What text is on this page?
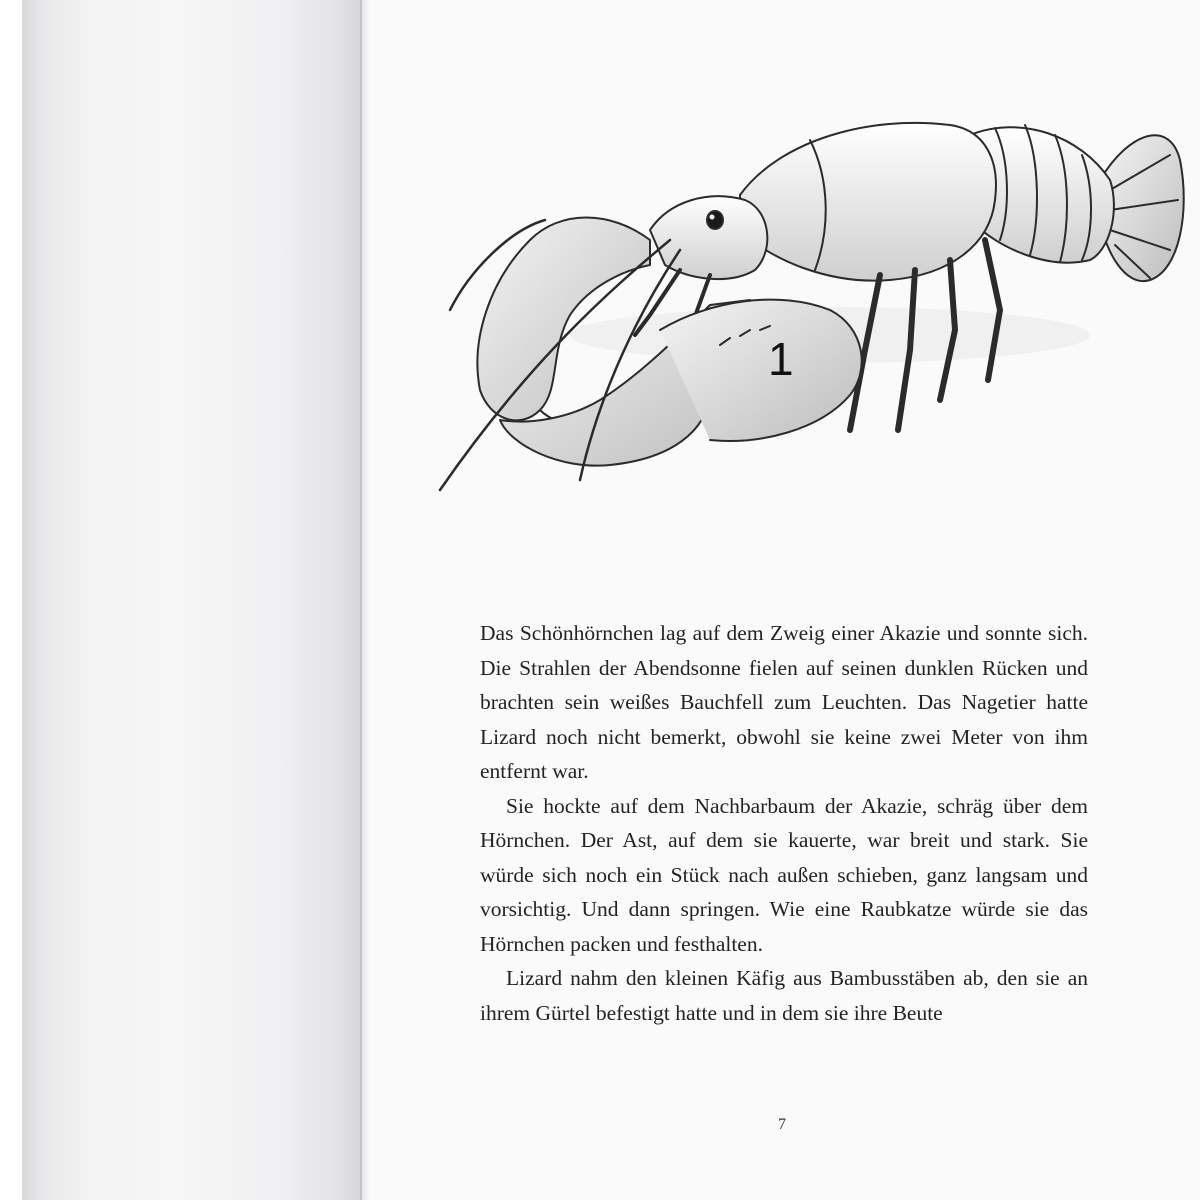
1

Das Schönhörnchen lag auf dem Zweig einer Akazie und sonnte sich. Die Strahlen der Abendsonne fielen auf seinen dunklen Rücken und brachten sein weißes Bauchfell zum Leuchten. Das Nagetier hatte Lizard noch nicht bemerkt, obwohl sie keine zwei Meter von ihm entfernt war.

Sie hockte auf dem Nachbarbaum der Akazie, schräg über dem Hörnchen. Der Ast, auf dem sie kauerte, war breit und stark. Sie würde sich noch ein Stück nach außen schieben, ganz langsam und vorsichtig. Und dann springen. Wie eine Raubkatze würde sie das Hörnchen packen und festhalten.

Lizard nahm den kleinen Käfig aus Bambusstäben ab, den sie an ihrem Gürtel befestigt hatte und in dem sie ihre Beute

7
